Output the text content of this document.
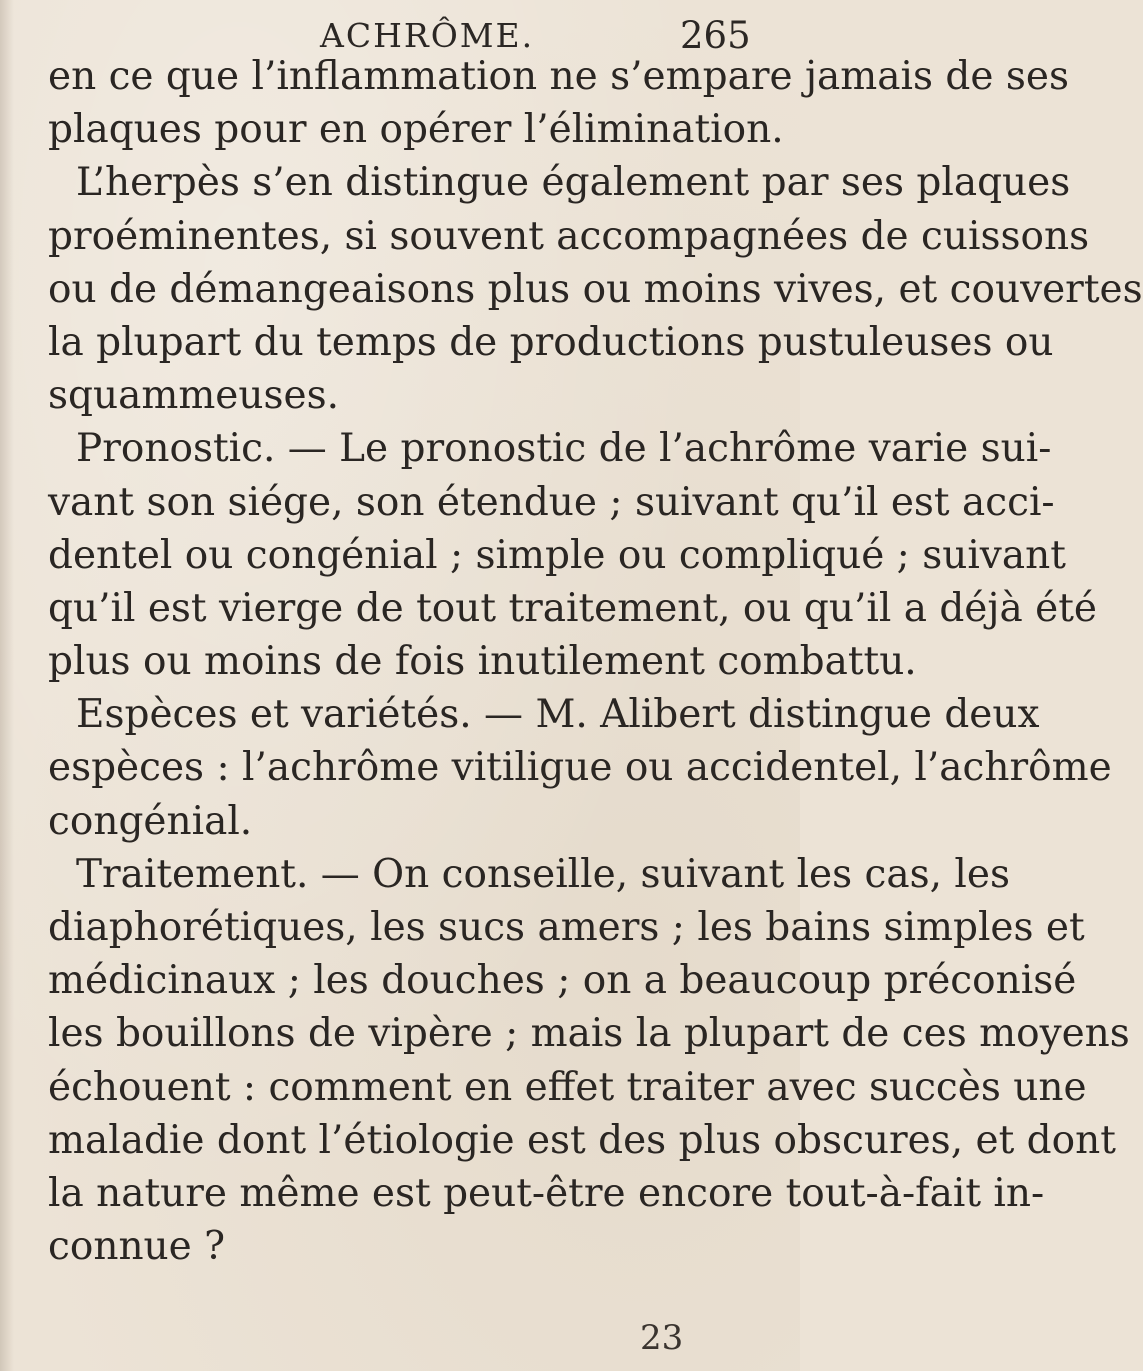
ACHRÔME.	265
en ce que l’inflammation ne s’empare jamais de ses
plaques pour en opérer l’élimination.
L’herpès s’en distingue également par ses plaques
proéminentes, si souvent accompagnées de cuissons
ou de démangeaisons plus ou moins vives, et couvertes
la plupart du temps de productions pustuleuses ou
squammeuses.
Pronostic. — Le pronostic de l’achrôme varie sui-
vant son siége, son étendue ; suivant qu’il est acci-
dentel ou congénial ; simple ou compliqué ; suivant
qu’il est vierge de tout traitement, ou qu’il a déjà été
plus ou moins de fois inutilement combattu.
Espèces et variétés. — M. Alibert distingue deux
espèces : l’achrôme vitiligue ou accidentel, l’achrôme
congénial.
Traitement. — On conseille, suivant les cas, les
diaphorétiques, les sucs amers ; les bains simples et
médicinaux ; les douches ; on a beaucoup préconisé
les bouillons de vipère ; mais la plupart de ces moyens
échouent : comment en effet traiter avec succès une
maladie dont l’étiologie est des plus obscures, et dont
la nature même est peut-être encore tout-à-fait in-
connue ?
23
